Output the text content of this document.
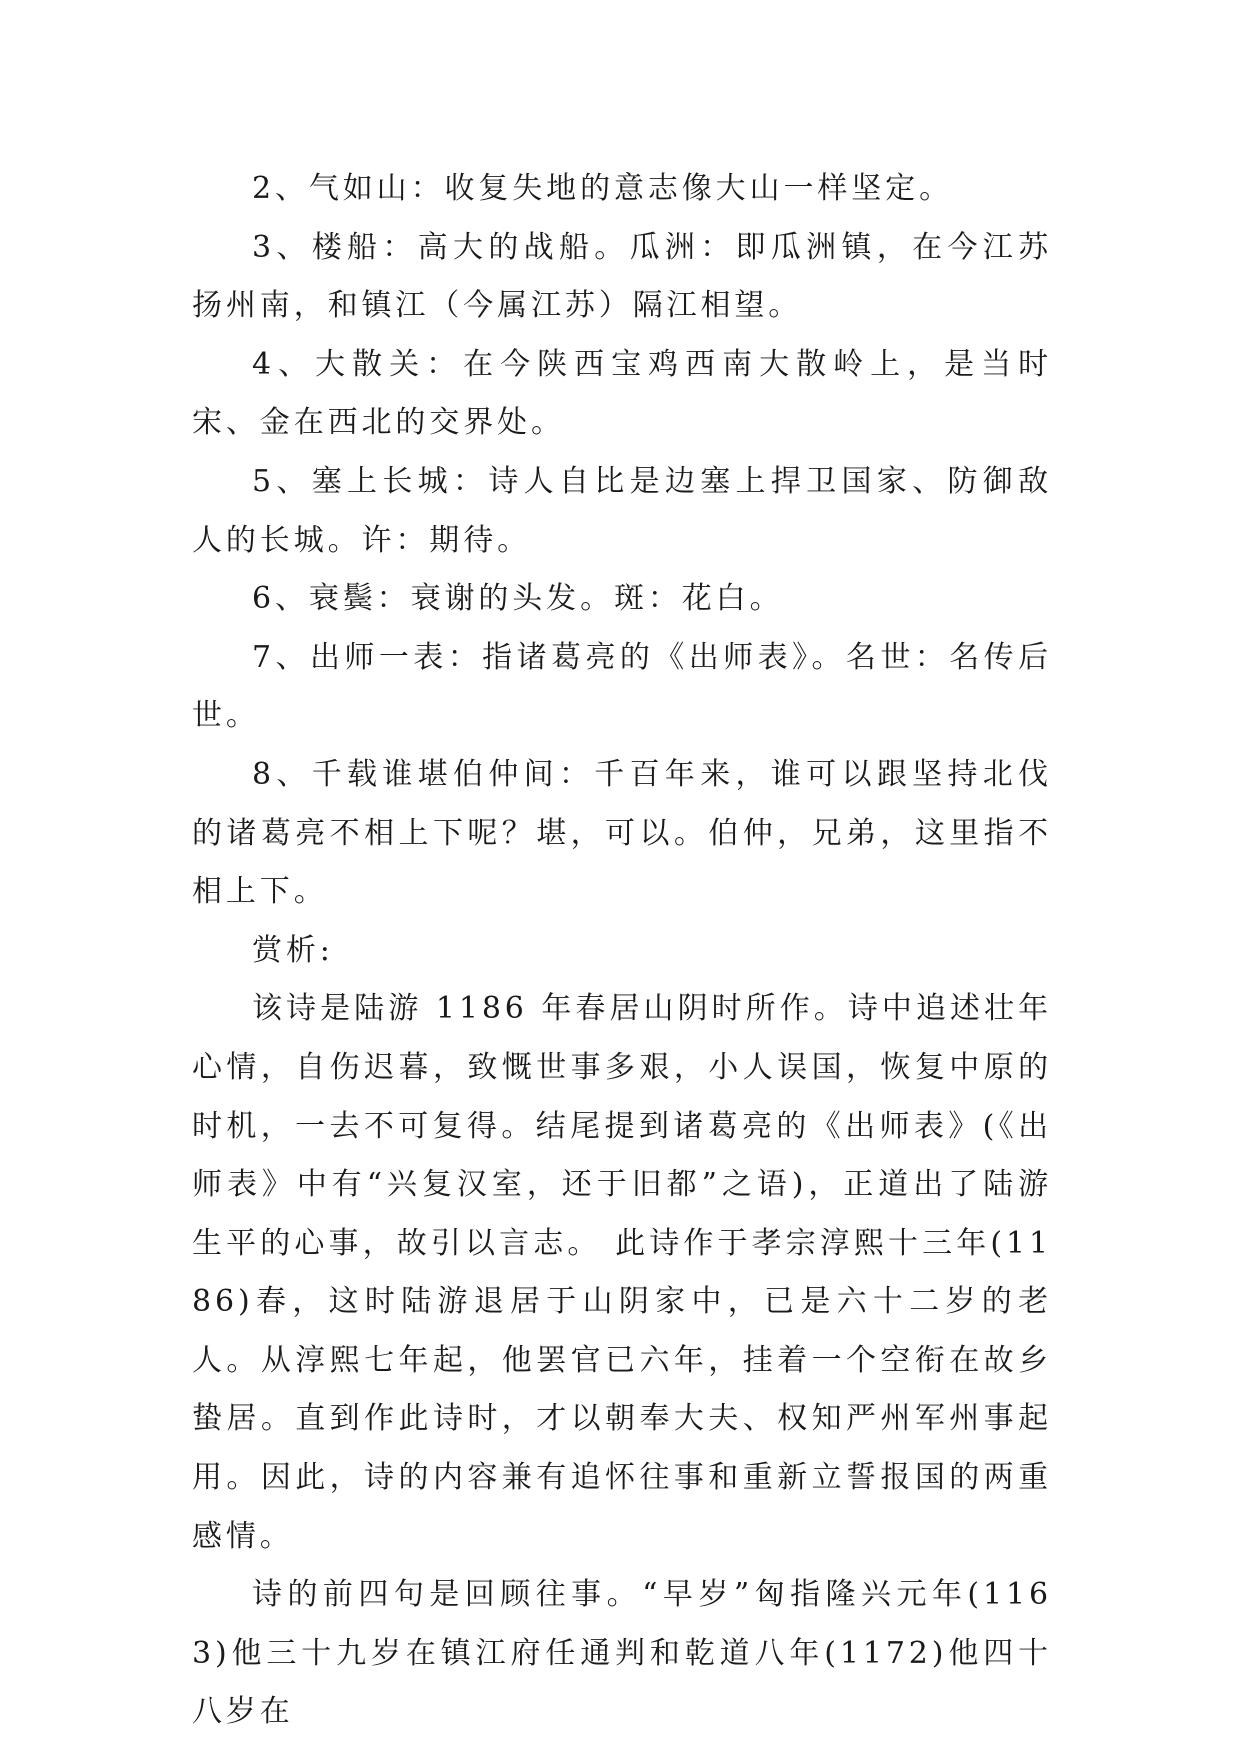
2、气如山：收复失地的意志像大山一样坚定。

3、楼船：高大的战船。瓜洲：即瓜洲镇，在今江苏扬州南，和镇江（今属江苏）隔江相望。

4、大散关：在今陕西宝鸡西南大散岭上，是当时宋、金在西北的交界处。

5、塞上长城：诗人自比是边塞上捍卫国家、防御敌人的长城。许：期待。

6、衰鬓：衰谢的头发。斑：花白。

7、出师一表：指诸葛亮的《出师表》。名世：名传后世。

8、千载谁堪伯仲间：千百年来，谁可以跟坚持北伐的诸葛亮不相上下呢？堪，可以。伯仲，兄弟，这里指不相上下。

赏析:

该诗是陆游 1186 年春居山阴时所作。诗中追述壮年心情，自伤迟暮，致慨世事多艰，小人误国，恢复中原的时机，一去不可复得。结尾提到诸葛亮的《出师表》(《出师表》中有“兴复汉室，还于旧都”之语)，正道出了陆游生平的心事，故引以言志。 此诗作于孝宗淳熙十三年(1186)春，这时陆游退居于山阴家中，已是六十二岁的老人。从淳熙七年起，他罢官已六年，挂着一个空衔在故乡蛰居。直到作此诗时，才以朝奉大夫、权知严州军州事起用。因此，诗的内容兼有追怀往事和重新立誓报国的两重感情。

诗的前四句是回顾往事。“早岁”匈指隆兴元年(1163)他三十九岁在镇江府任通判和乾道八年(1172)他四十八岁在
